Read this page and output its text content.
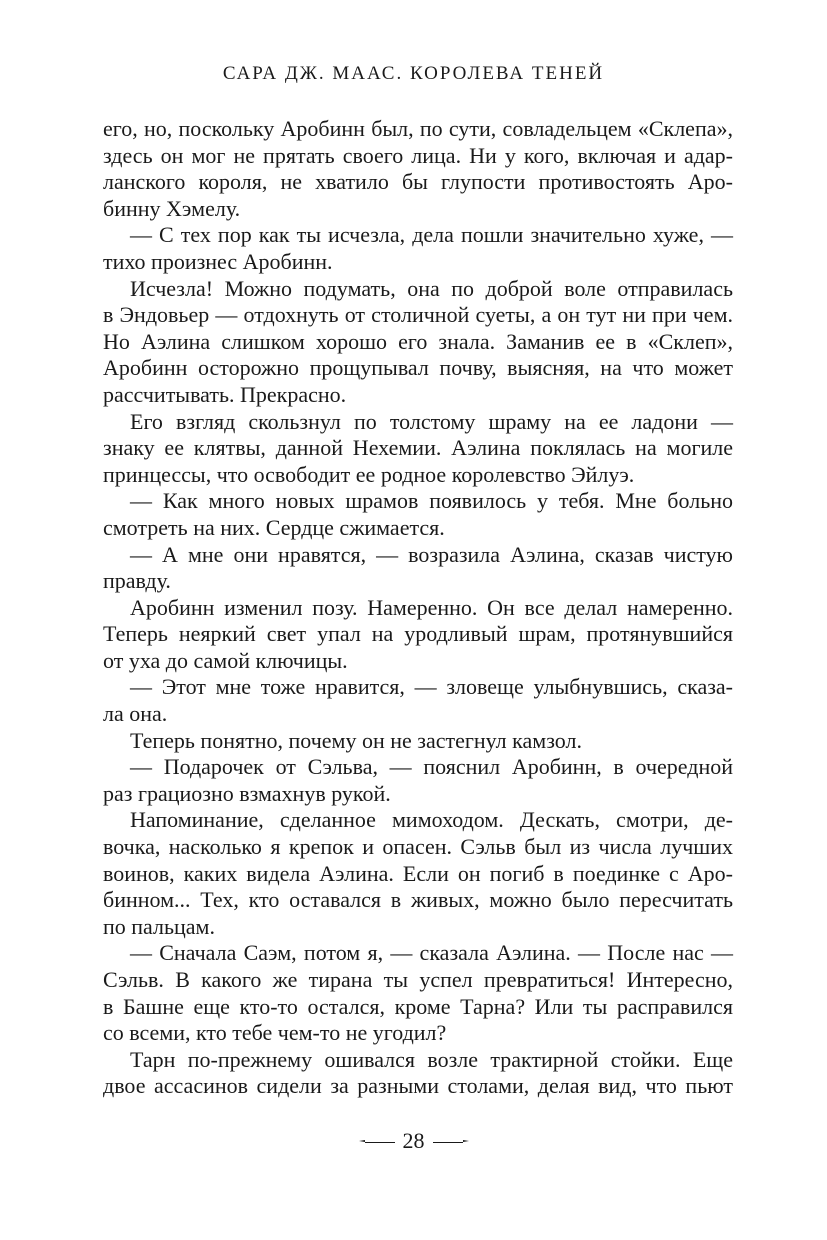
САРА ДЖ. МААС. КОРОЛЕВА ТЕНЕЙ
его, но, поскольку Аробинн был, по сути, совладельцем «Склепа»,
здесь он мог не прятать своего лица. Ни у кого, включая и адар-
ланского короля, не хватило бы глупости противостоять Аро-
бинну Хэмелу.
— С тех пор как ты исчезла, дела пошли значительно хуже, —
тихо произнес Аробинн.
Исчезла! Можно подумать, она по доброй воле отправилась
в Эндовьер — отдохнуть от столичной суеты, а он тут ни при чем.
Но Аэлина слишком хорошо его знала. Заманив ее в «Склеп»,
Аробинн осторожно прощупывал почву, выясняя, на что может
рассчитывать. Прекрасно.
Его взгляд скользнул по толстому шраму на ее ладони —
знаку ее клятвы, данной Нехемии. Аэлина поклялась на могиле
принцессы, что освободит ее родное королевство Эйлуэ.
— Как много новых шрамов появилось у тебя. Мне больно
смотреть на них. Сердце сжимается.
— А мне они нравятся, — возразила Аэлина, сказав чистую
правду.
Аробинн изменил позу. Намеренно. Он все делал намеренно.
Теперь неяркий свет упал на уродливый шрам, протянувшийся
от уха до самой ключицы.
— Этот мне тоже нравится, — зловеще улыбнувшись, сказа-
ла она.
Теперь понятно, почему он не застегнул камзол.
— Подарочек от Сэльва, — пояснил Аробинн, в очередной
раз грациозно взмахнув рукой.
Напоминание, сделанное мимоходом. Дескать, смотри, де-
вочка, насколько я крепок и опасен. Сэльв был из числа лучших
воинов, каких видела Аэлина. Если он погиб в поединке с Аро-
бинном... Тех, кто оставался в живых, можно было пересчитать
по пальцам.
— Сначала Саэм, потом я, — сказала Аэлина. — После нас —
Сэльв. В какого же тирана ты успел превратиться! Интересно,
в Башне еще кто-то остался, кроме Тарна? Или ты расправился
со всеми, кто тебе чем-то не угодил?
Тарн по-прежнему ошивался возле трактирной стойки. Еще
двое ассасинов сидели за разными столами, делая вид, что пьют
28
